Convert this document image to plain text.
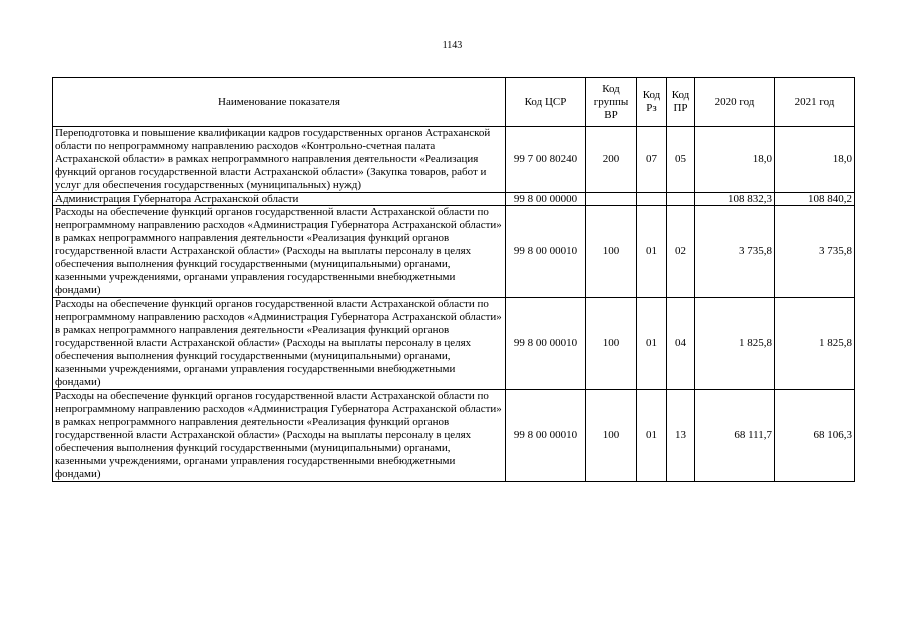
1143
Наименование показателя	Код ЦСР	Код группы ВР	Код Рз	Код ПР	2020 год	2021 год
Переподготовка и повышение квалификации кадров государственных органов Астраханской области по непрограммному направлению расходов «Контрольно-счетная палата Астраханской области» в рамках непрограммного направления деятельности «Реализация функций органов государственной власти Астраханской области» (Закупка товаров, работ и услуг для обеспечения государственных (муниципальных) нужд)	99 7 00 80240	200	07	05	18,0	18,0
Администрация Губернатора Астраханской области	99 8 00 00000				108 832,3	108 840,2
Расходы на обеспечение функций органов государственной власти Астраханской области по непрограммному направлению расходов «Администрация Губернатора Астраханской области» в рамках непрограммного направления деятельности «Реализация функций органов государственной власти Астраханской области» (Расходы на выплаты персоналу в целях обеспечения выполнения функций государственными (муниципальными) органами, казенными учреждениями, органами управления государственными внебюджетными фондами)	99 8 00 00010	100	01	02	3 735,8	3 735,8
Расходы на обеспечение функций органов государственной власти Астраханской области по непрограммному направлению расходов «Администрация Губернатора Астраханской области» в рамках непрограммного направления деятельности «Реализация функций органов государственной власти Астраханской области» (Расходы на выплаты персоналу в целях обеспечения выполнения функций государственными (муниципальными) органами, казенными учреждениями, органами управления государственными внебюджетными фондами)	99 8 00 00010	100	01	04	1 825,8	1 825,8
Расходы на обеспечение функций органов государственной власти Астраханской области по непрограммному направлению расходов «Администрация Губернатора Астраханской области» в рамках непрограммного направления деятельности «Реализация функций органов государственной власти Астраханской области» (Расходы на выплаты персоналу в целях обеспечения выполнения функций государственными (муниципальными) органами, казенными учреждениями, органами управления государственными внебюджетными фондами)	99 8 00 00010	100	01	13	68 111,7	68 106,3
